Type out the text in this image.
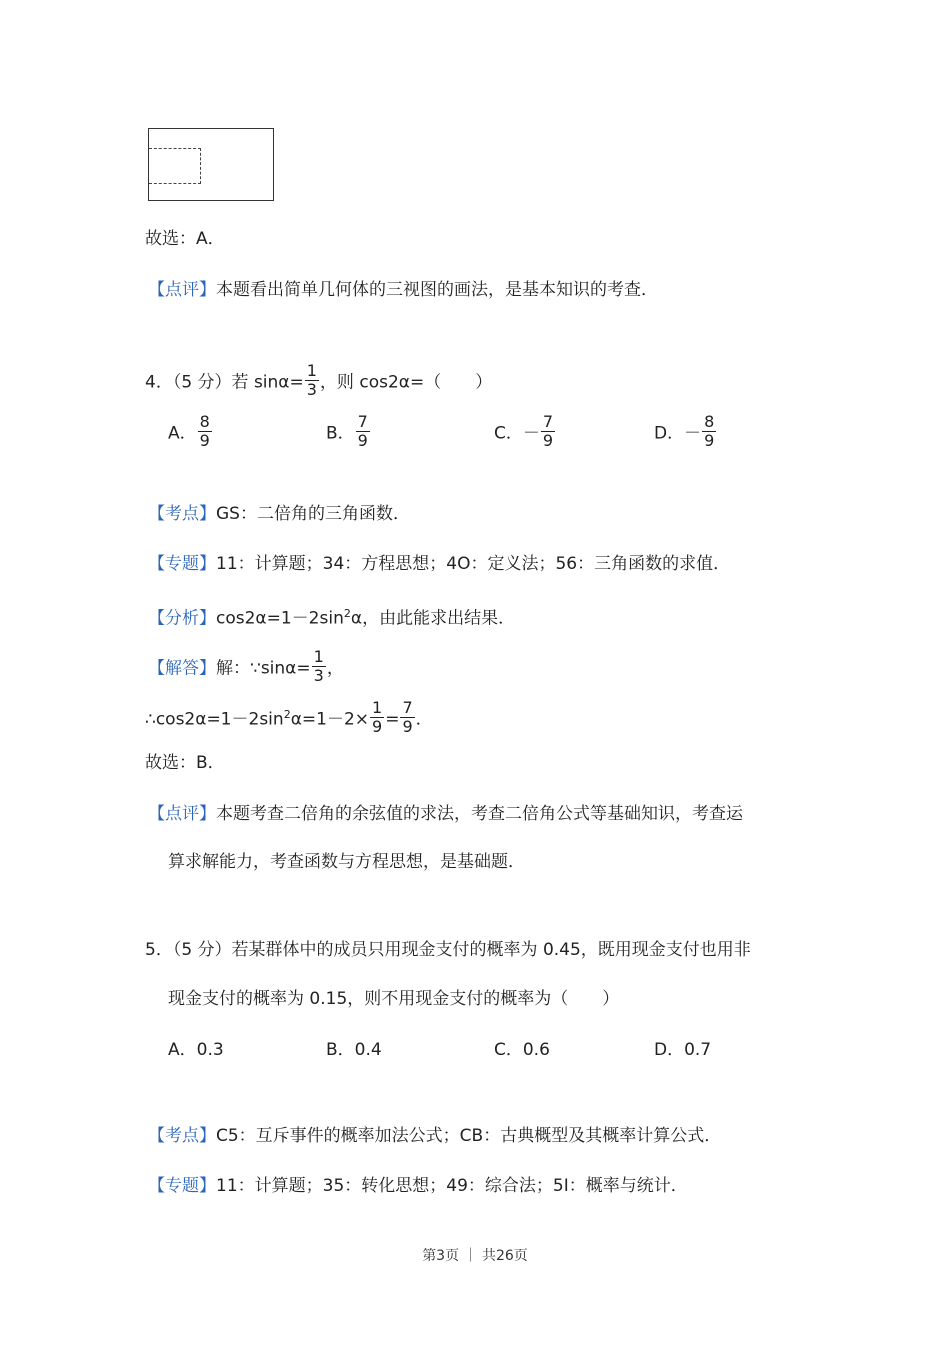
故选：A．
【点评】本题看出简单几何体的三视图的画法，是基本知识的考查．
4．（5 分）若 $\sin\alpha= \frac{1}{3}$ ，则 cos2α=（　　）
A． $\frac{8}{9}$	B． $\frac{7}{9}$	C．－ $\frac{7}{9}$	D．－ $\frac{8}{9}$
【考点】GS：二倍角的三角函数．
【专题】11：计算题；34：方程思想；4O：定义法；56：三角函数的求值．
【分析】$\cos 2\alpha=1-2\sin^2\alpha$，由此能求出结果．
【解答】解：∵sinα= $\frac{1}{3}$ ，
$\therefore\cos 2\alpha=1-2\sin^2\alpha=1-2\times \frac{1}{9} = \frac{7}{9}$ ．
故选：B．
【点评】本题考查二倍角的余弦值的求法，考查二倍角公式等基础知识，考查运
算求解能力，考查函数与方程思想，是基础题．
5．（5 分）若某群体中的成员只用现金支付的概率为 0.45，既用现金支付也用非
现金支付的概率为 0.15，则不用现金支付的概率为（　　）
A．0.3	B．0.4	C．0.6	D．0.7
【考点】C5：互斥事件的概率加法公式；CB：古典概型及其概率计算公式．
【专题】11：计算题；35：转化思想；49：综合法；5I：概率与统计．
第3页 ｜ 共26页
